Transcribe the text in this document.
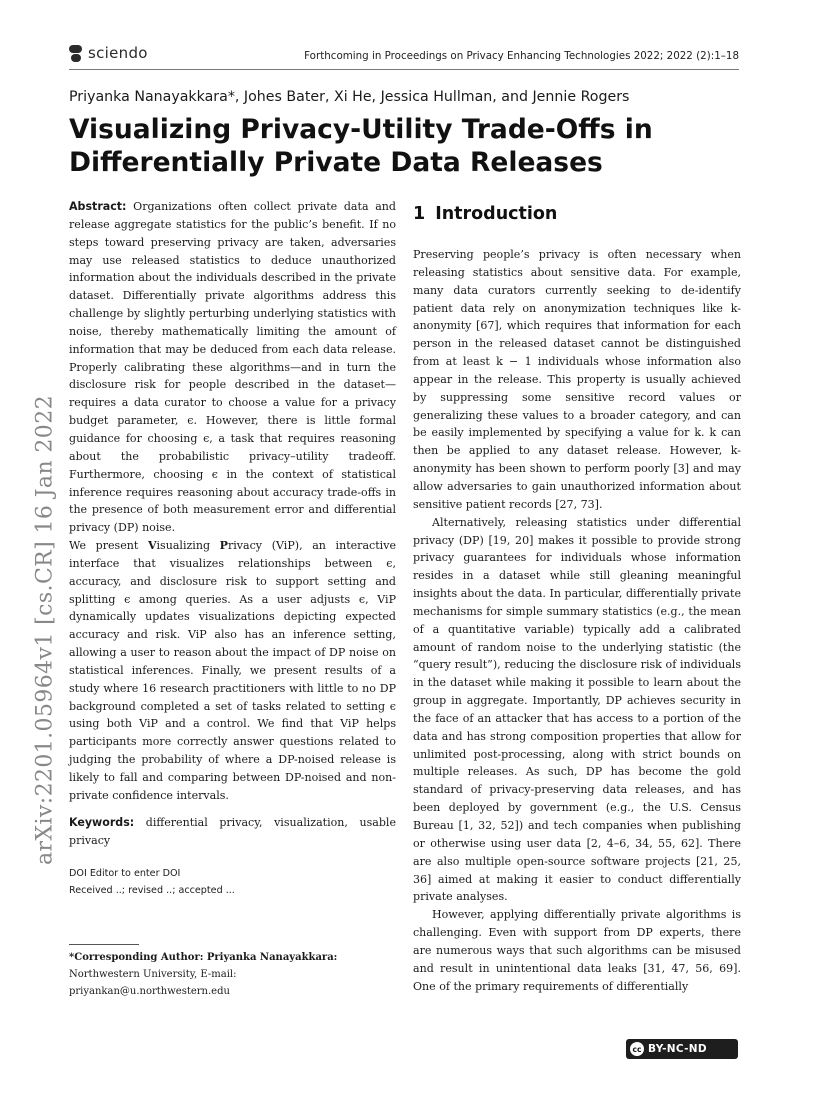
sciendo	Forthcoming in Proceedings on Privacy Enhancing Technologies 2022; 2022 (2):1–18
Priyanka Nanayakkara*, Johes Bater, Xi He, Jessica Hullman, and Jennie Rogers
Visualizing Privacy-Utility Trade-Offs in Differentially Private Data Releases
arXiv:2201.05964v1 [cs.CR] 16 Jan 2022

Abstract: Organizations often collect private data and release aggregate statistics for the public’s benefit. If no steps toward preserving privacy are taken, adversaries may use released statistics to deduce unauthorized information about the individuals described in the private dataset. Differentially private algorithms address this challenge by slightly perturbing underlying statistics with noise, thereby mathematically limiting the amount of information that may be deduced from each data release. Properly calibrating these algorithms—and in turn the disclosure risk for people described in the dataset—requires a data curator to choose a value for a privacy budget parameter, ϵ. However, there is little formal guidance for choosing ϵ, a task that requires reasoning about the probabilistic privacy–utility tradeoff. Furthermore, choosing ϵ in the context of statistical inference requires reasoning about accuracy trade-offs in the presence of both measurement error and differential privacy (DP) noise.

We present Visualizing Privacy (ViP), an interactive interface that visualizes relationships between ϵ, accuracy, and disclosure risk to support setting and splitting ϵ among queries. As a user adjusts ϵ, ViP dynamically updates visualizations depicting expected accuracy and risk. ViP also has an inference setting, allowing a user to reason about the impact of DP noise on statistical inferences. Finally, we present results of a study where 16 research practitioners with little to no DP background completed a set of tasks related to setting ϵ using both ViP and a control. We find that ViP helps participants more correctly answer questions related to judging the probability of where a DP-noised release is likely to fall and comparing between DP-noised and non-private confidence intervals.

Keywords: differential privacy, visualization, usable privacy

DOI Editor to enter DOI
Received ..; revised ..; accepted ...
*Corresponding Author: Priyanka Nanayakkara: Northwestern University, E-mail: priyankan@u.northwestern.edu
1 Introduction

Preserving people’s privacy is often necessary when releasing statistics about sensitive data. For example, many data curators currently seeking to de-identify patient data rely on anonymization techniques like k-anonymity [67], which requires that information for each person in the released dataset cannot be distinguished from at least k − 1 individuals whose information also appear in the release. This property is usually achieved by suppressing some sensitive record values or generalizing these values to a broader category, and can be easily implemented by specifying a value for k. k can then be applied to any dataset release. However, k-anonymity has been shown to perform poorly [3] and may allow adversaries to gain unauthorized information about sensitive patient records [27, 73].

Alternatively, releasing statistics under differential privacy (DP) [19, 20] makes it possible to provide strong privacy guarantees for individuals whose information resides in a dataset while still gleaning meaningful insights about the data. In particular, differentially private mechanisms for simple summary statistics (e.g., the mean of a quantitative variable) typically add a calibrated amount of random noise to the underlying statistic (the “query result”), reducing the disclosure risk of individuals in the dataset while making it possible to learn about the group in aggregate. Importantly, DP achieves security in the face of an attacker that has access to a portion of the data and has strong composition properties that allow for unlimited post-processing, along with strict bounds on multiple releases. As such, DP has become the gold standard of privacy-preserving data releases, and has been deployed by government (e.g., the U.S. Census Bureau [1, 32, 52]) and tech companies when publishing or otherwise using user data [2, 4–6, 34, 55, 62]. There are also multiple open-source software projects [21, 25, 36] aimed at making it easier to conduct differentially private analyses.

However, applying differentially private algorithms is challenging. Even with support from DP experts, there are numerous ways that such algorithms can be misused and result in unintentional data leaks [31, 47, 56, 69]. One of the primary requirements of differentially

cc BY-NC-ND
